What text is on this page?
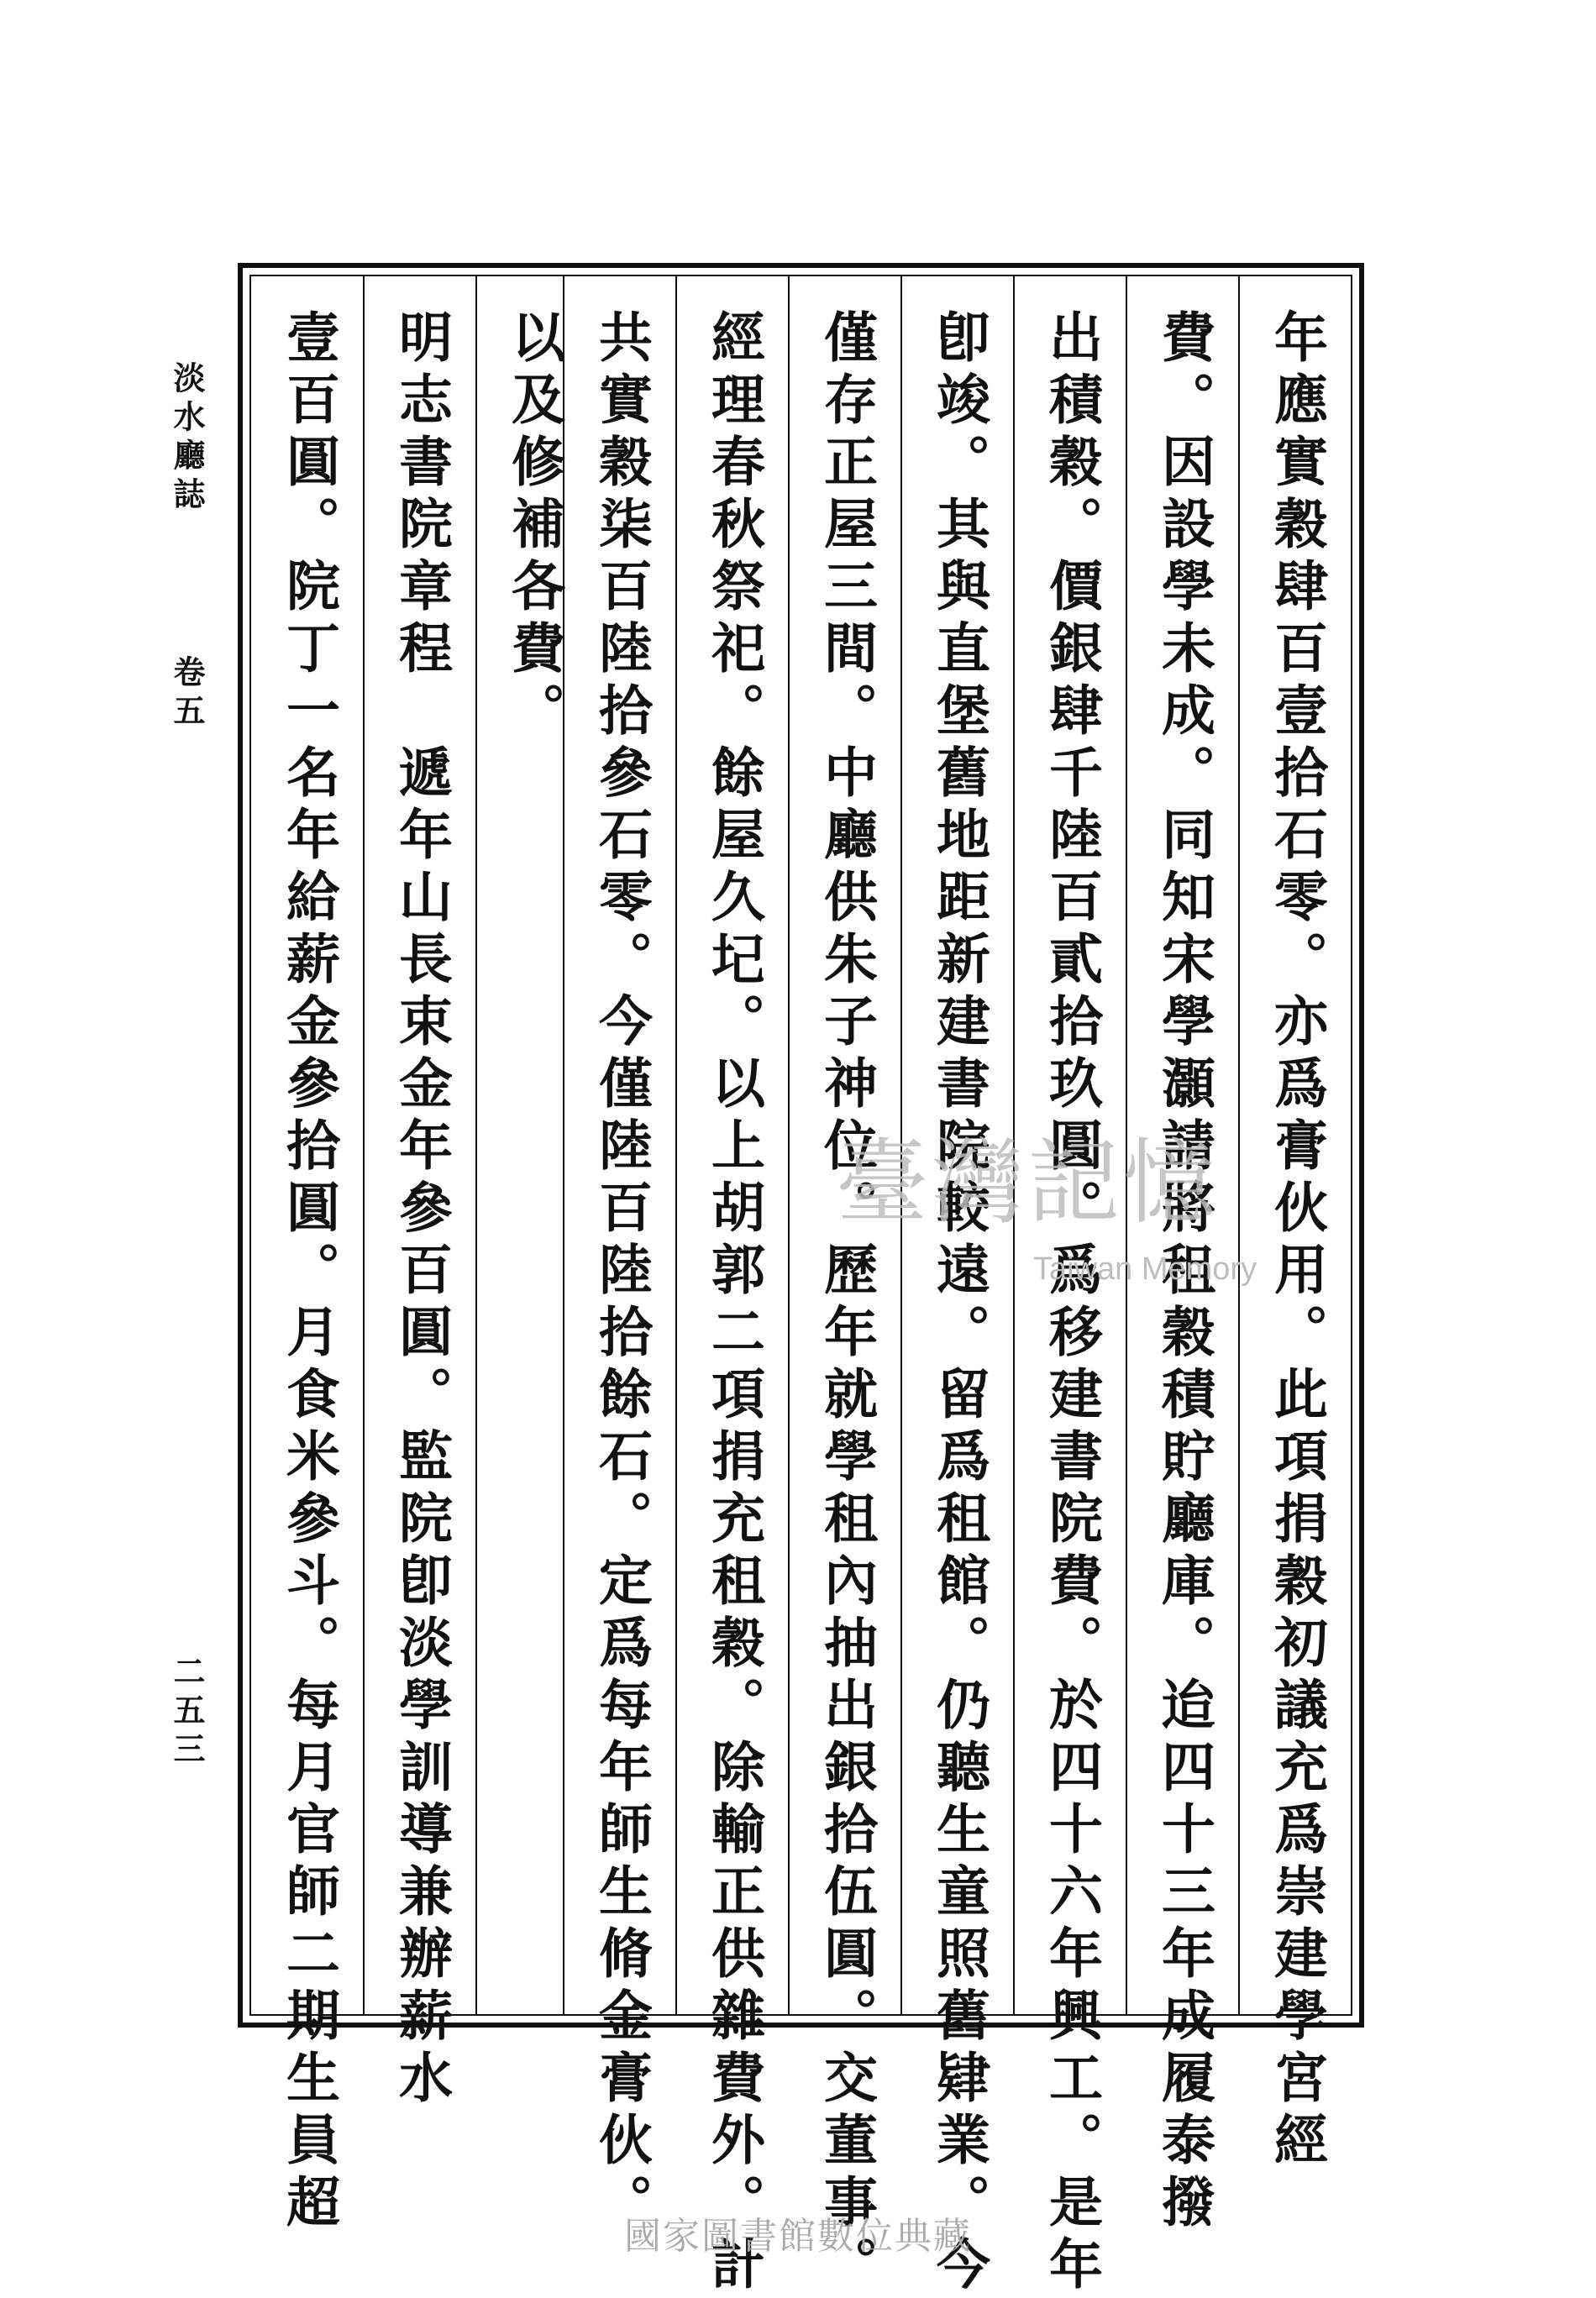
年應實穀肆百壹拾石零。亦爲膏伙用。此項捐穀初議充爲崇建學宮經
費。因設學未成。同知宋學灝請將租穀積貯廳庫。迨四十三年成履泰撥
出積穀。價銀肆千陸百貳拾玖圓。爲移建書院費。於四十六年興工。是年
卽竣。其與直堡舊地距新建書院較遠。留爲租館。仍聽生童照舊肄業。今
僅存正屋三間。中廳供朱子神位。歷年就學租內抽出銀拾伍圓。交董事。
經理春秋祭祀。餘屋久圮。以上胡郭二項捐充租穀。除輸正供雜費外。計
共實穀柒百陸拾參石零。今僅陸百陸拾餘石。定爲每年師生脩金膏伙。
以及修補各費。
明志書院章程　遞年山長束金年參百圓。監院卽淡學訓導兼辦薪水
壹百圓。院丁一名年給薪金參拾圓。月食米參斗。每月官師二期生員超
淡水廳誌
卷五
二五三
臺灣記憶
Taiwan Memory
國家圖書館數位典藏
